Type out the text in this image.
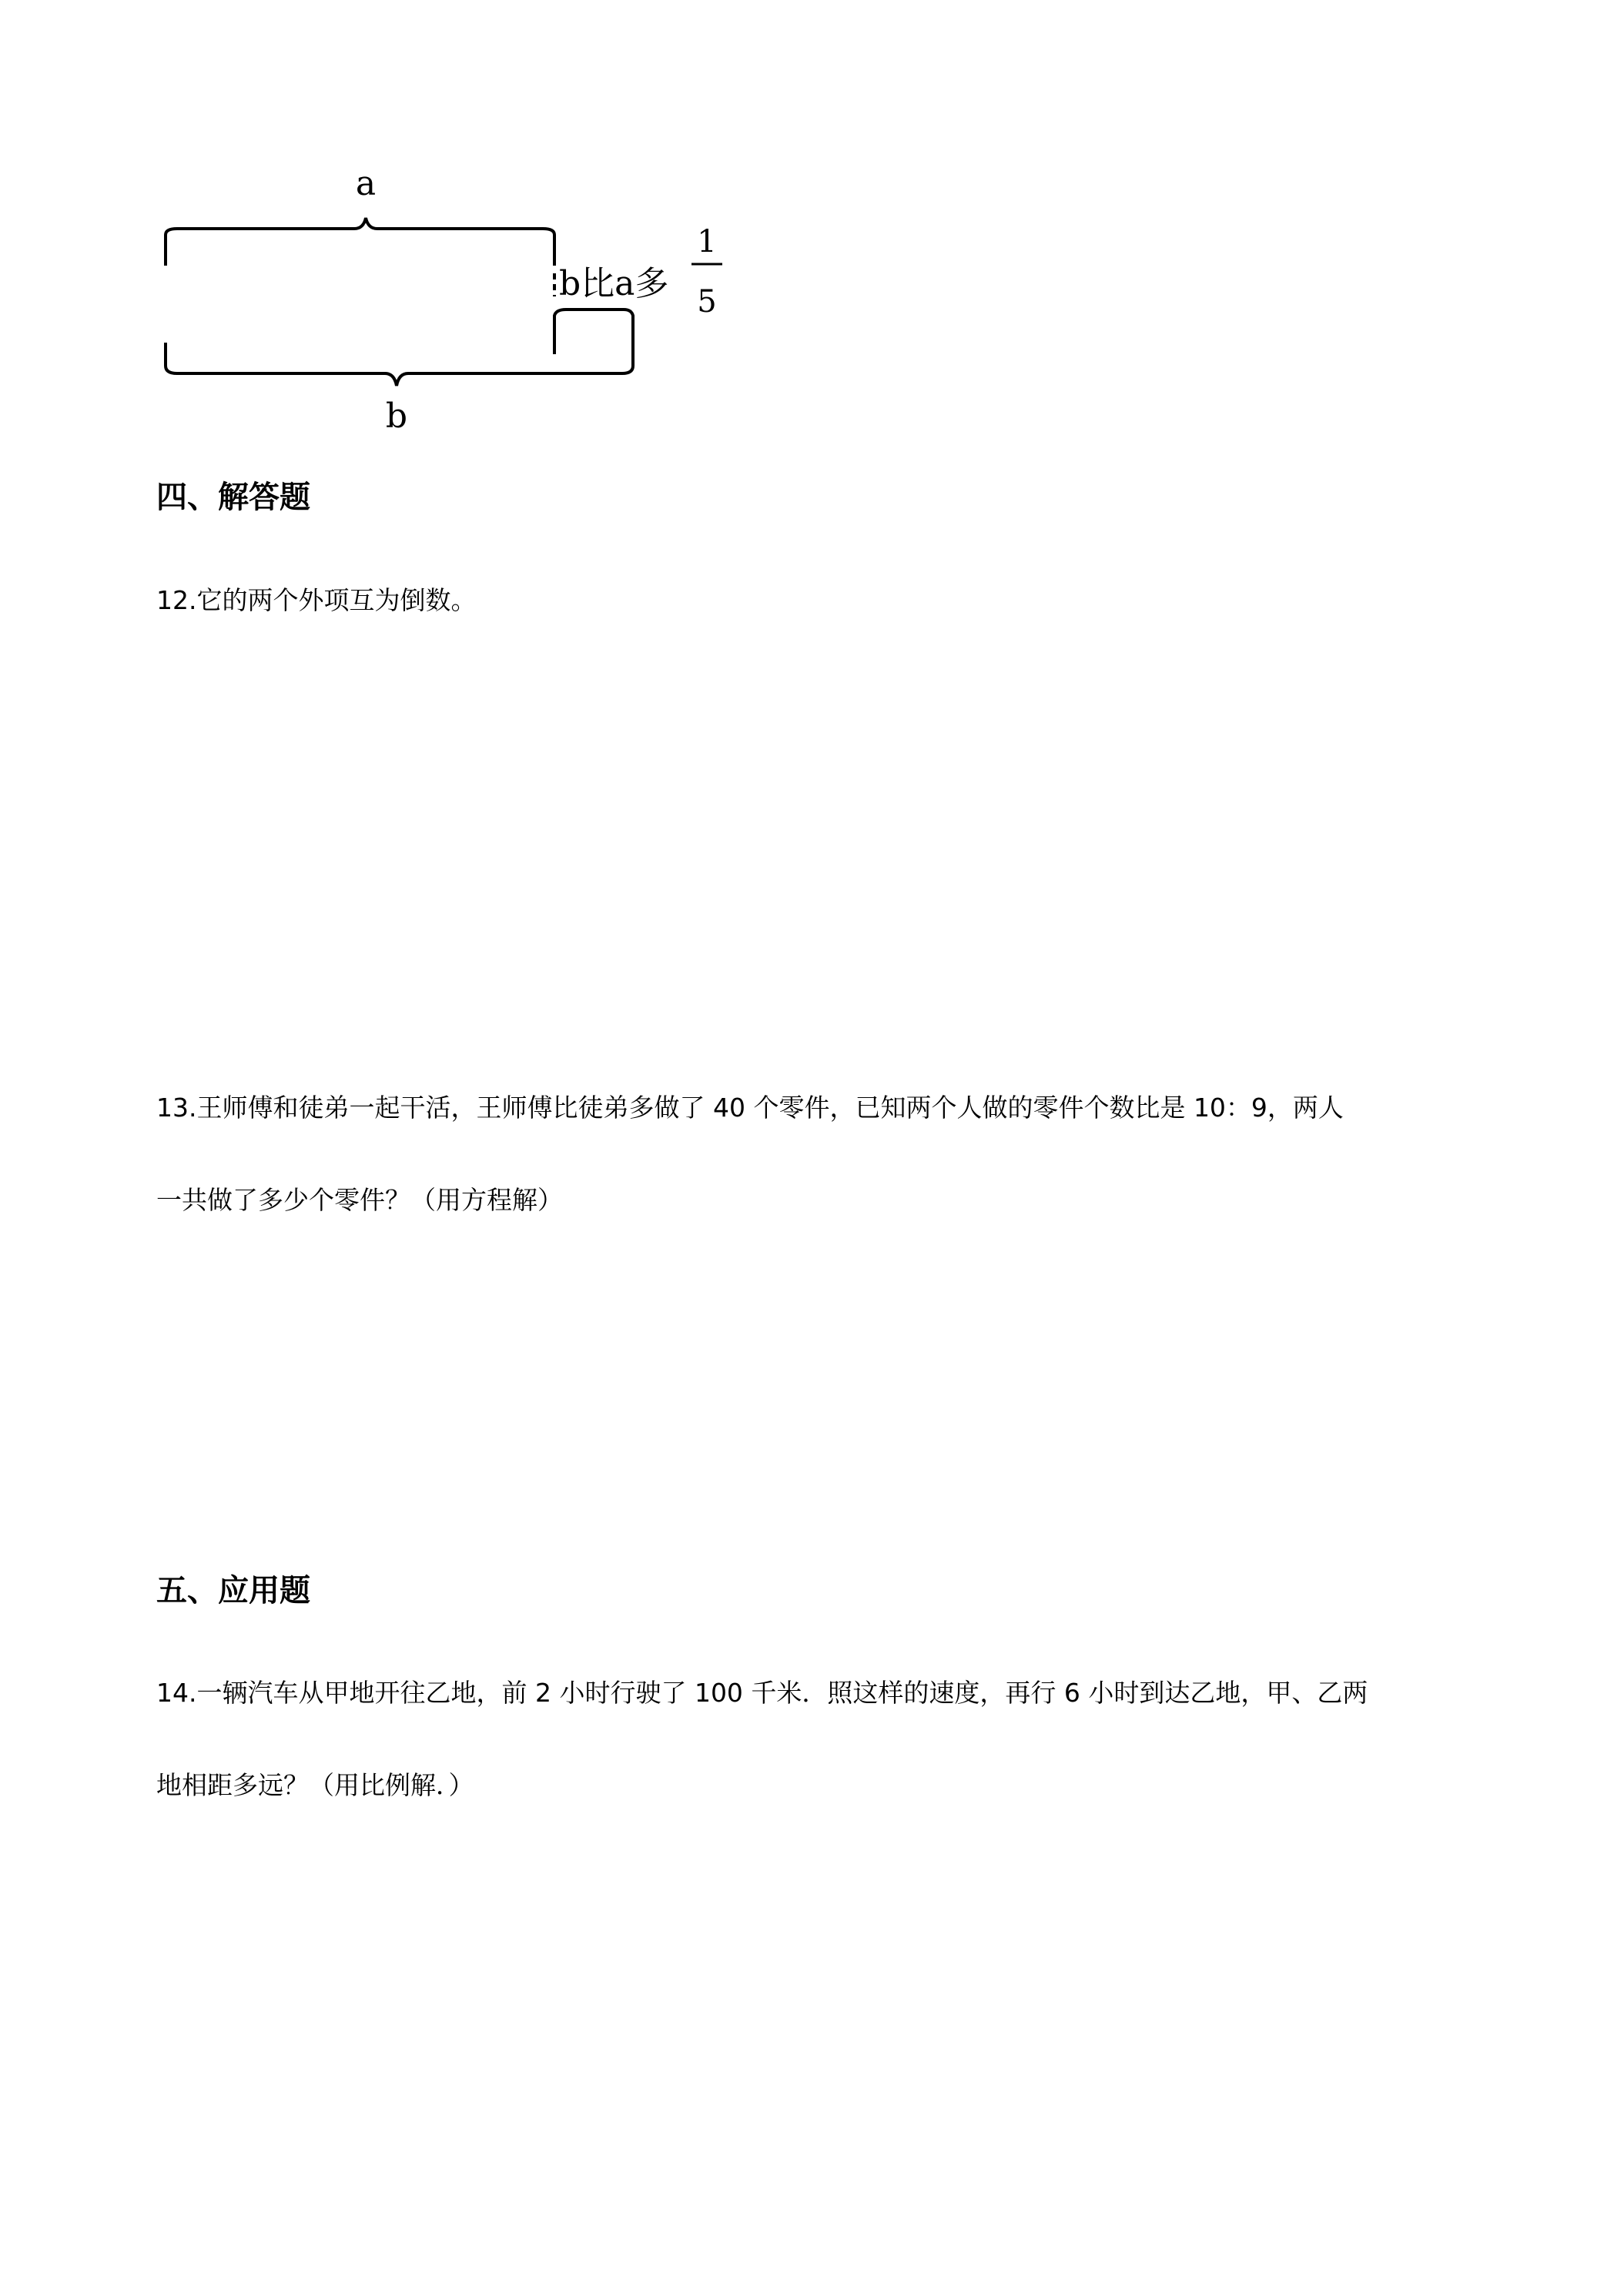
a
b比a多
1
5
b
四、解答题
12.它的两个外项互为倒数。
13.王师傅和徒弟一起干活，王师傅比徒弟多做了 40 个零件，已知两个人做的零件个数比是 10：9，两人
一共做了多少个零件？（用方程解）
五、应用题
14.一辆汽车从甲地开往乙地，前 2 小时行驶了 100 千米．照这样的速度，再行 6 小时到达乙地，甲、乙两
地相距多远？（用比例解．）
